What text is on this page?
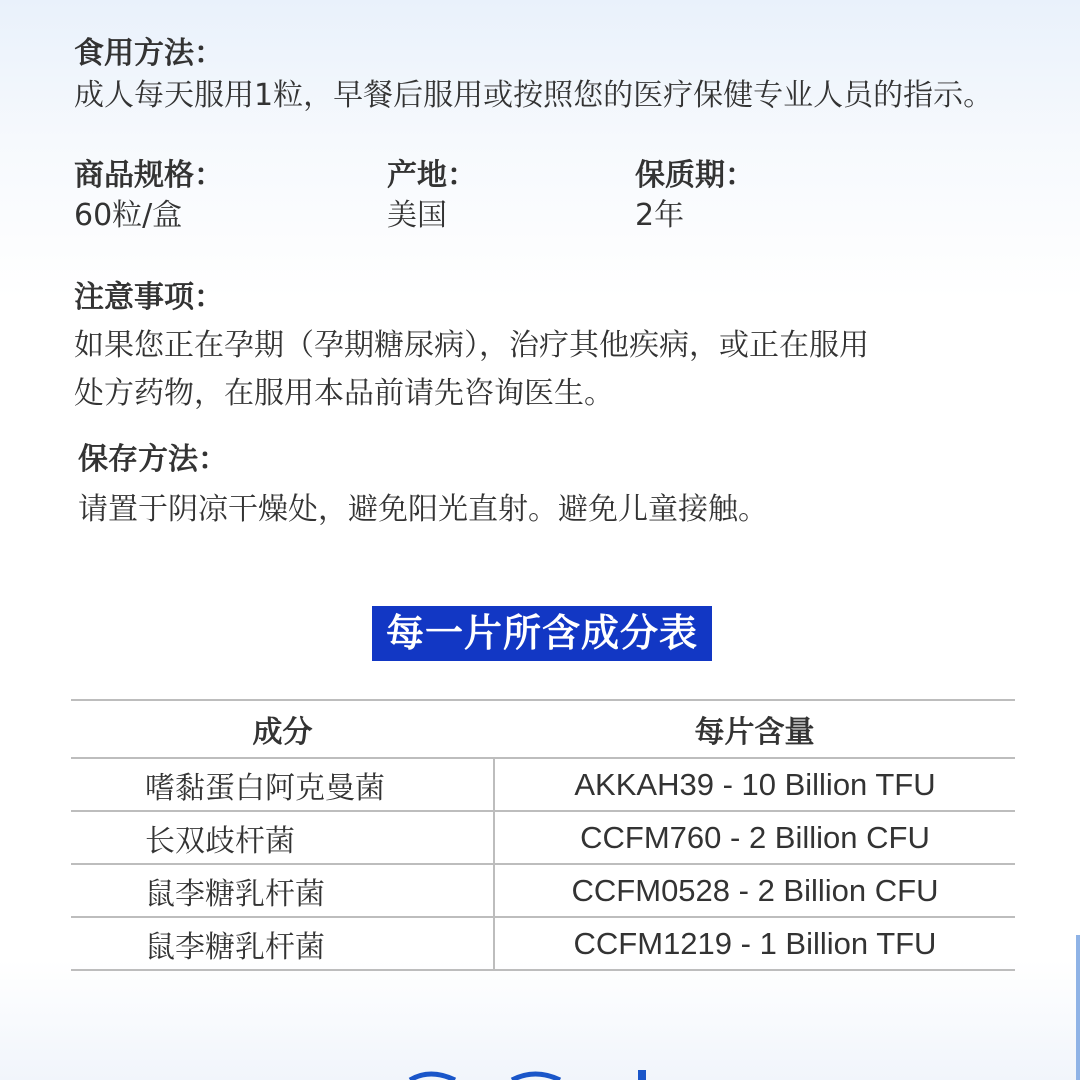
食用方法：
成人每天服用1粒，早餐后服用或按照您的医疗保健专业人员的指示。
商品规格：
60粒/盒
产地：
美国
保质期：
2年
注意事项：
如果您正在孕期（孕期糖尿病），治疗其他疾病，或正在服用
处方药物，在服用本品前请先咨询医生。
保存方法：
请置于阴凉干燥处，避免阳光直射。避免儿童接触。
每一片所含成分表
成分	每片含量
嗜黏蛋白阿克曼菌	AKKAH39 - 10 Billion TFU
长双歧杆菌	CCFM760 - 2 Billion CFU
鼠李糖乳杆菌	CCFM0528 - 2 Billion CFU
鼠李糖乳杆菌	CCFM1219 - 1 Billion TFU
